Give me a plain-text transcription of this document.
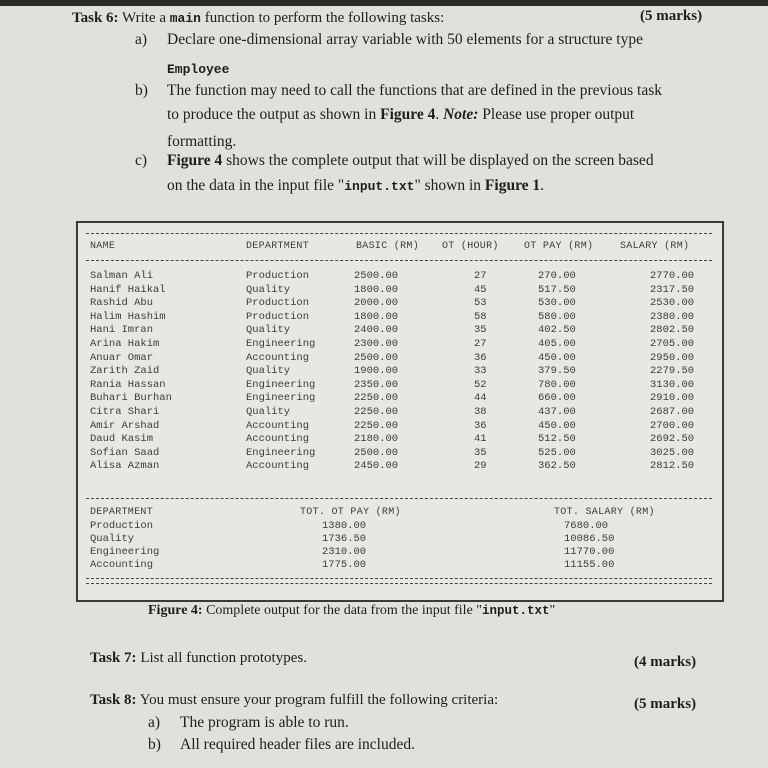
Task 6: Write a main function to perform the following tasks:	(5 marks)
a) Declare one-dimensional array variable with 50 elements for a structure type
Employee
b) The function may need to call the functions that are defined in the previous task
to produce the output as shown in Figure 4. Note: Please use proper output
formatting.
c) Figure 4 shows the complete output that will be displayed on the screen based
on the data in the input file "input.txt" shown in Figure 1.
NAME	DEPARTMENT	BASIC (RM) OT (HOUR)	OT PAY (RM)	SALARY (RM)
Salman Ali	Production	2500.00	27	270.00	2770.00
Hanif Haikal	Quality	1800.00	45	517.50	2317.50
Rashid Abu	Production	2000.00	53	530.00	2530.00
Halim Hashim	Production	1800.00	58	580.00	2380.00
Hani Imran	Quality	2400.00	35	402.50	2802.50
Arina Hakim	Engineering	2300.00	27	405.00	2705.00
Anuar Omar	Accounting	2500.00	36	450.00	2950.00
Zarith Zaid	Quality	1900.00	33	379.50	2279.50
Rania Hassan	Engineering	2350.00	52	780.00	3130.00
Buhari Burhan	Engineering	2250.00	44	660.00	2910.00
Citra Shari	Quality	2250.00	38	437.00	2687.00
Amir Arshad	Accounting	2250.00	36	450.00	2700.00
Daud Kasim	Accounting	2180.00	41	512.50	2692.50
Sofian Saad	Engineering	2500.00	35	525.00	3025.00
Alisa Azman	Accounting	2450.00	29	362.50	2812.50
DEPARTMENT	TOT. OT PAY (RM)	TOT. SALARY (RM)
Production	1380.00	7680.00
Quality	1736.50	10086.50
Engineering	2310.00	11770.00
Accounting	1775.00	11155.00
Figure 4: Complete output for the data from the input file "input.txt"
Task 7: List all function prototypes.	(4 marks)
Task 8: You must ensure your program fulfill the following criteria:	(5 marks)
a) The program is able to run.
b) All required header files are included.
